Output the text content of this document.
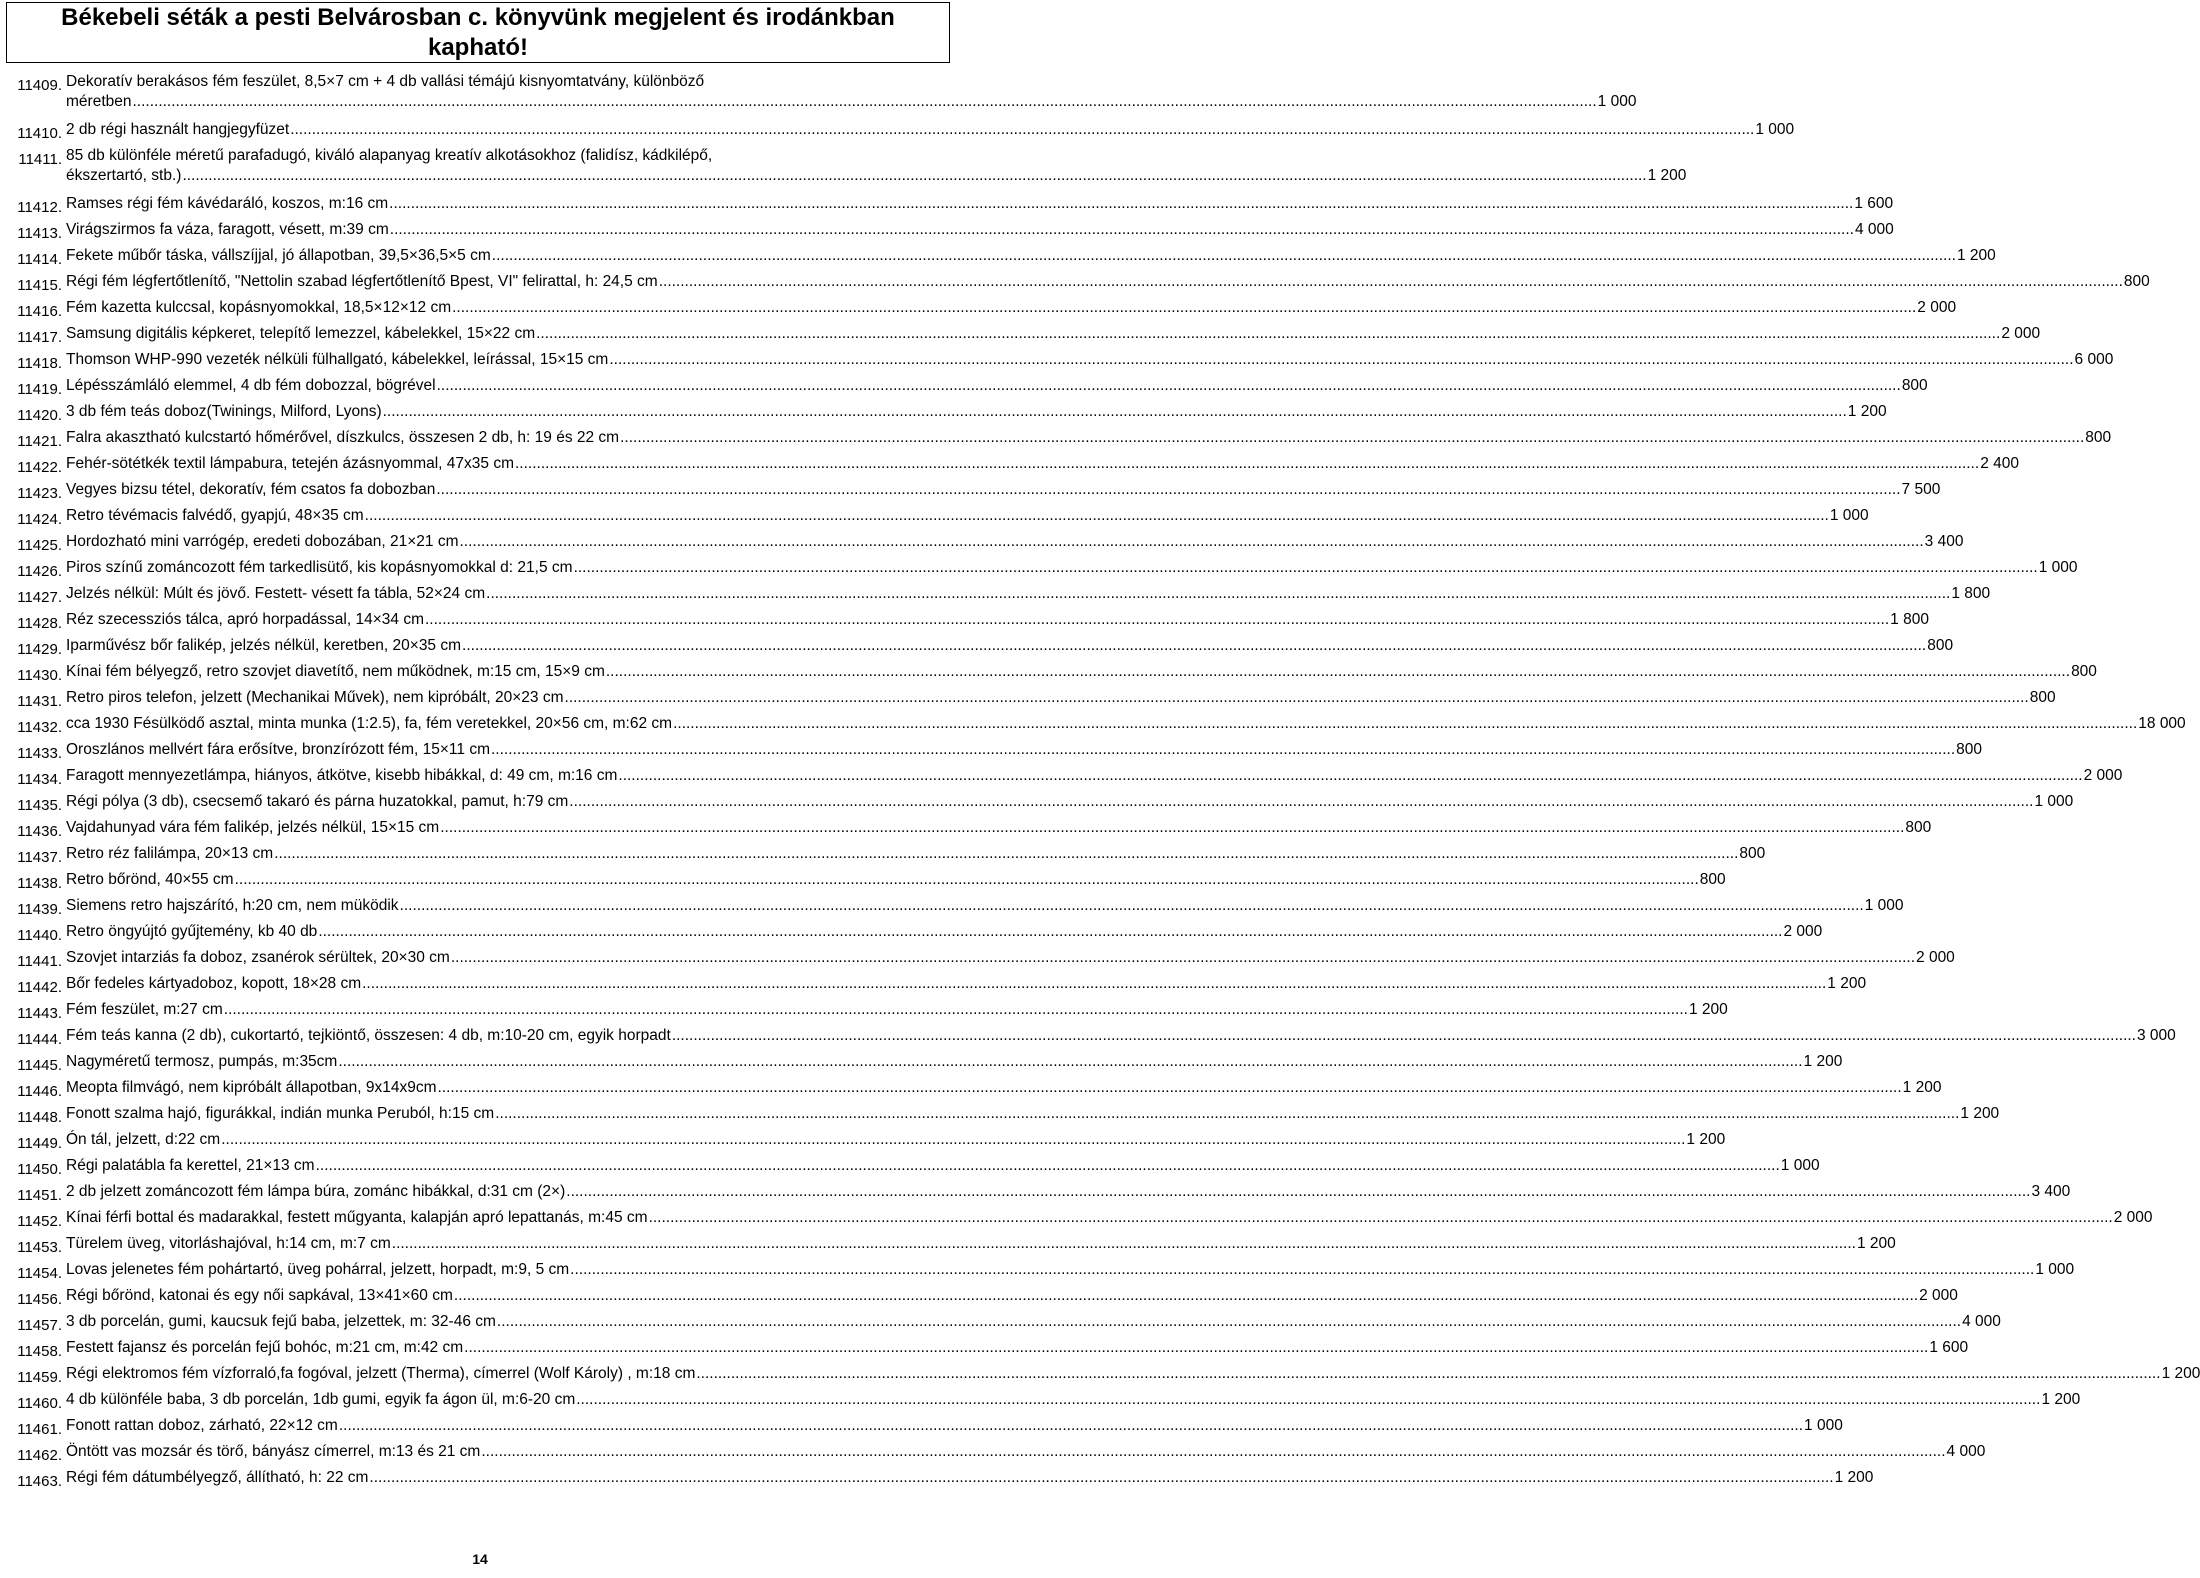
Békebeli séták a pesti Belvárosban c. könyvünk megjelent és irodánkban kapható!
11409. Dekoratív berakásos fém feszület, 8,5×7 cm + 4 db vallási témájú kisnyomtatvány, különböző
méretben .....	1 000
11410. 2 db régi használt hangjegyfüzet .....	1 000
11411. 85 db különféle méretű parafadugó, kiváló alapanyag kreatív alkotásokhoz (falidísz, kádkilépő,
ékszertartó, stb.) .....	1 200
11412. Ramses régi fém kávédaráló, koszos, m:16 cm .....	1 600
11413. Virágszirmos fa váza, faragott, vésett, m:39 cm .....	4 000
11414. Fekete műbőr táska, vállszíjjal, jó állapotban, 39,5×36,5×5 cm .....	1 200
11415. Régi fém légfertőtlenítő, "Nettolin szabad légfertőtlenítő Bpest, VI" felirattal, h: 24,5 cm .....	800
11416. Fém kazetta kulccsal, kopásnyomokkal, 18,5×12×12 cm .....	2 000
11417. Samsung digitális képkeret, telepítő lemezzel, kábelekkel, 15×22 cm .....	2 000
11418. Thomson WHP-990 vezeték nélküli fülhallgató, kábelekkel, leírással, 15×15 cm .....	6 000
11419. Lépésszámláló elemmel, 4 db fém dobozzal, bögrével .....	800
11420. 3 db fém teás doboz(Twinings, Milford, Lyons) .....	1 200
11421. Falra akasztható kulcstartó hőmérővel, díszkulcs, összesen 2 db, h: 19 és 22 cm .....	800
11422. Fehér-sötétkék textil lámpabura, tetején ázásnyommal, 47x35 cm .....	2 400
11423. Vegyes bizsu tétel, dekoratív, fém csatos fa dobozban .....	7 500
11424. Retro tévémacis falvédő, gyapjú, 48×35 cm .....	1 000
11425. Hordozható mini varrógép, eredeti dobozában, 21×21 cm .....	3 400
11426. Piros színű zománcozott fém tarkedlisütő, kis kopásnyomokkal d: 21,5 cm .....	1 000
11427. Jelzés nélkül: Múlt és jövő. Festett- vésett fa tábla, 52×24 cm .....	1 800
11428. Réz szecessziós tálca, apró horpadással, 14×34 cm .....	1 800
11429. Iparművész bőr falikép, jelzés nélkül, keretben, 20×35 cm .....	800
11430. Kínai fém bélyegző, retro szovjet diavetítő, nem működnek, m:15 cm, 15×9 cm .....	800
11431. Retro piros telefon, jelzett (Mechanikai Művek), nem kipróbált, 20×23 cm .....	800
11432. cca 1930 Fésülködő asztal, minta munka (1:2.5), fa, fém veretekkel, 20×56 cm, m:62 cm .....	18 000
11433. Oroszlános mellvért fára erősítve, bronzírózott fém, 15×11 cm .....	800
11434. Faragott mennyezetlámpa, hiányos, átkötve, kisebb hibákkal, d: 49 cm, m:16 cm .....	2 000
11435. Régi pólya (3 db), csecsemő takaró és párna huzatokkal, pamut, h:79 cm .....	1 000
11436. Vajdahunyad vára fém falikép, jelzés nélkül, 15×15 cm .....	800
11437. Retro réz falilámpa, 20×13 cm .....	800
11438. Retro bőrönd, 40×55 cm .....	800
11439. Siemens retro hajszárító, h:20 cm, nem müködik .....	1 000
11440. Retro öngyújtó gyűjtemény, kb 40 db .....	2 000
11441. Szovjet intarziás fa doboz, zsanérok sérültek, 20×30 cm .....	2 000
11442. Bőr fedeles kártyadoboz, kopott, 18×28 cm .....	1 200
11443. Fém feszület, m:27 cm .....	1 200
11444. Fém teás kanna (2 db), cukortartó, tejkiöntő, összesen: 4 db, m:10-20 cm, egyik horpadt .....	3 000
11445. Nagyméretű termosz, pumpás, m:35cm .....	1 200
11446. Meopta filmvágó, nem kipróbált állapotban, 9x14x9cm .....	1 200
11448. Fonott szalma hajó, figurákkal, indián munka Peruból, h:15 cm .....	1 200
11449. Ón tál, jelzett, d:22 cm .....	1 200
11450. Régi palatábla fa kerettel, 21×13 cm .....	1 000
11451. 2 db jelzett zománcozott fém lámpa búra, zománc hibákkal, d:31 cm (2×) .....	3 400
11452. Kínai férfi bottal és madarakkal, festett műgyanta, kalapján apró lepattanás, m:45 cm .....	2 000
11453. Türelem üveg, vitorláshajóval, h:14 cm, m:7 cm .....	1 200
11454. Lovas jelenetes fém pohártartó, üveg pohárral, jelzett, horpadt, m:9, 5 cm .....	1 000
11456. Régi bőrönd, katonai és egy női sapkával, 13×41×60 cm .....	2 000
11457. 3 db porcelán, gumi, kaucsuk fejű baba, jelzettek, m: 32-46 cm .....	4 000
11458. Festett fajansz és porcelán fejű bohóc, m:21 cm, m:42 cm .....	1 600
11459. Régi elektromos fém vízforraló,fa fogóval, jelzett (Therma), címerrel (Wolf Károly) , m:18 cm .....	1 200
11460. 4 db különféle baba, 3 db porcelán, 1db gumi, egyik fa ágon ül, m:6-20 cm .....	1 200
11461. Fonott rattan doboz, zárható, 22×12 cm .....	1 000
11462. Öntött vas mozsár és törő, bányász címerrel, m:13 és 21 cm .....	4 000
11463. Régi fém dátumbélyegző, állítható, h: 22 cm .....	1 200
14
